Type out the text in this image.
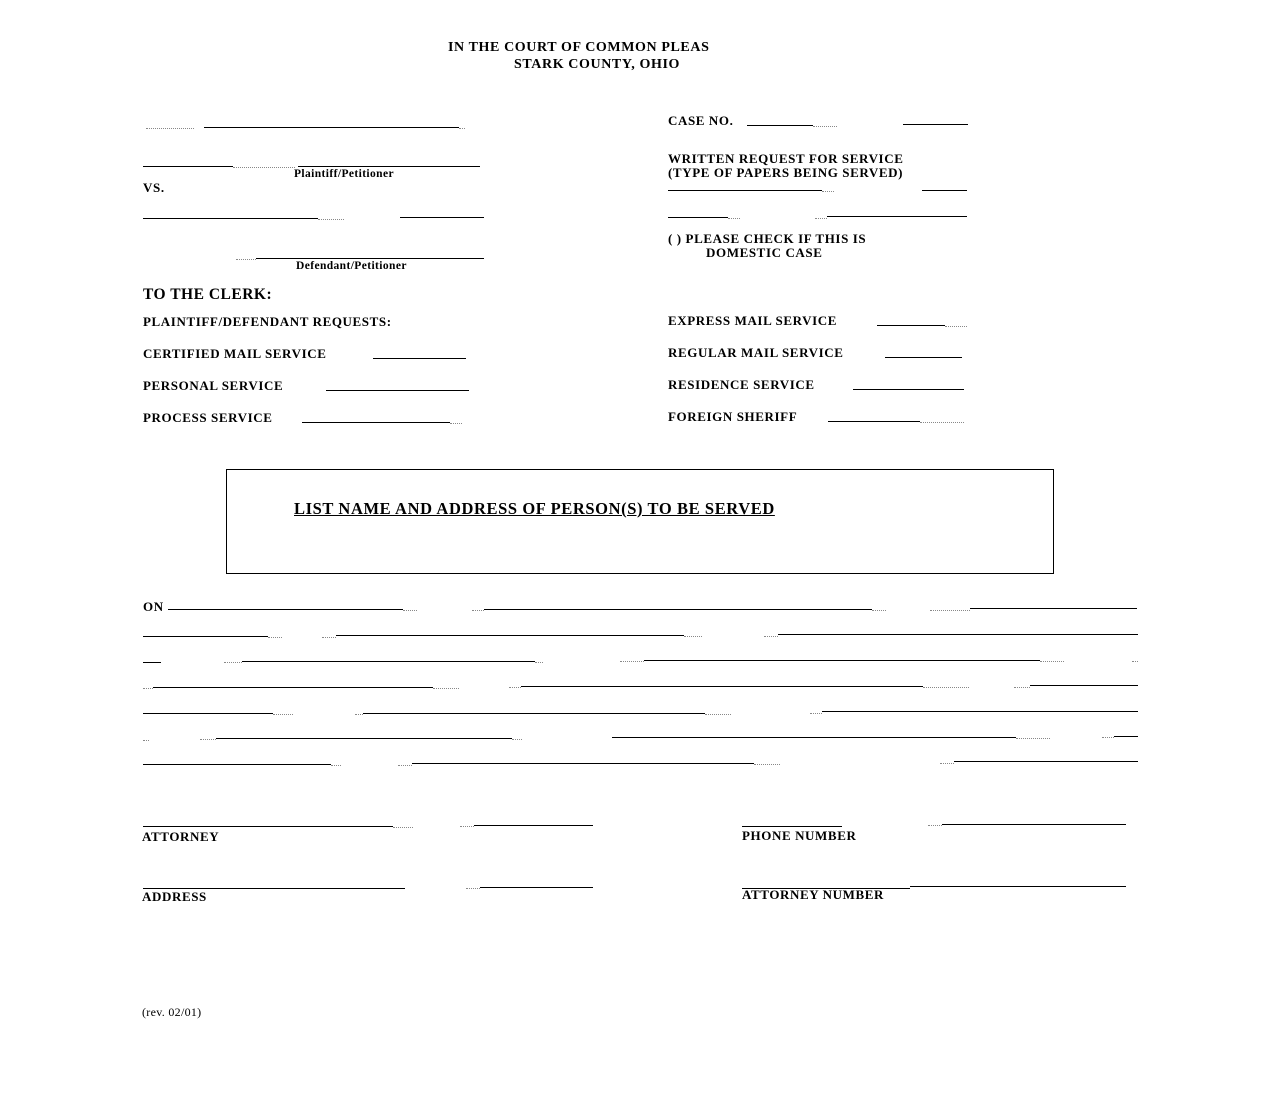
IN THE COURT OF COMMON PLEAS
STARK COUNTY, OHIO
Plaintiff/Petitioner
VS.
Defendant/Petitioner
CASE NO.
WRITTEN REQUEST FOR SERVICE
(TYPE OF PAPERS BEING SERVED)
( ) PLEASE CHECK IF THIS IS
DOMESTIC CASE
TO THE CLERK:
PLAINTIFF/DEFENDANT REQUESTS:
CERTIFIED MAIL SERVICE
PERSONAL SERVICE
PROCESS SERVICE
EXPRESS MAIL SERVICE
REGULAR MAIL SERVICE
RESIDENCE SERVICE
FOREIGN SHERIFF
LIST NAME AND ADDRESS OF PERSON(S) TO BE SERVED
ON
ATTORNEY	PHONE NUMBER
ADDRESS	ATTORNEY NUMBER
(rev. 02/01)
